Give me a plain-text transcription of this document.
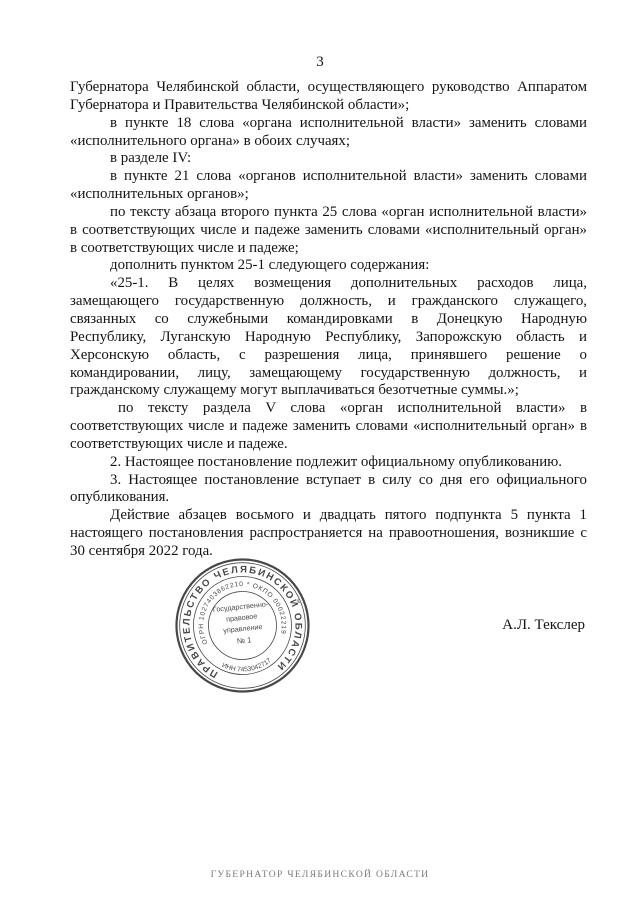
3
Губернатора Челябинской области, осуществляющего руководство Аппаратом
Губернатора и Правительства Челябинской области»;
в пункте 18 слова «органа исполнительной власти» заменить словами
«исполнительного органа» в обоих случаях;
в разделе IV:
в пункте 21 слова «органов исполнительной власти» заменить словами
«исполнительных органов»;
по тексту абзаца второго пункта 25 слова «орган исполнительной власти»
в соответствующих числе и падеже заменить словами «исполнительный орган»
в соответствующих числе и падеже;
дополнить пунктом 25-1 следующего содержания:
«25-1. В целях возмещения дополнительных расходов лица,
замещающего государственную должность, и гражданского служащего,
связанных со служебными командировками в Донецкую Народную
Республику, Луганскую Народную Республику, Запорожскую область и
Херсонскую область, с разрешения лица, принявшего решение о
командировании, лицу, замещающему государственную должность, и
гражданскому служащему могут выплачиваться безотчетные суммы.»;
по тексту раздела V слова «орган исполнительной власти» в
соответствующих числе и падеже заменить словами «исполнительный орган» в
соответствующих числе и падеже.
2. Настоящее постановление подлежит официальному опубликованию.
3. Настоящее постановление вступает в силу со дня его официального
опубликования.
Действие абзацев восьмого и двадцать пятого подпункта 5 пункта 1
настоящего постановления распространяется на правоотношения, возникшие с
30 сентября 2022 года.
ПРАВИТЕЛЬСТВО ЧЕЛЯБИНСКОЙ ОБЛАСТИ
ОГРН 1027403862210 * ОКПО 00022219
ИНН 7453042717
Государственно-
правовое
управление
№ 1
А.Л. Текслер
ГУБЕРНАТОР ЧЕЛЯБИНСКОЙ ОБЛАСТИ
